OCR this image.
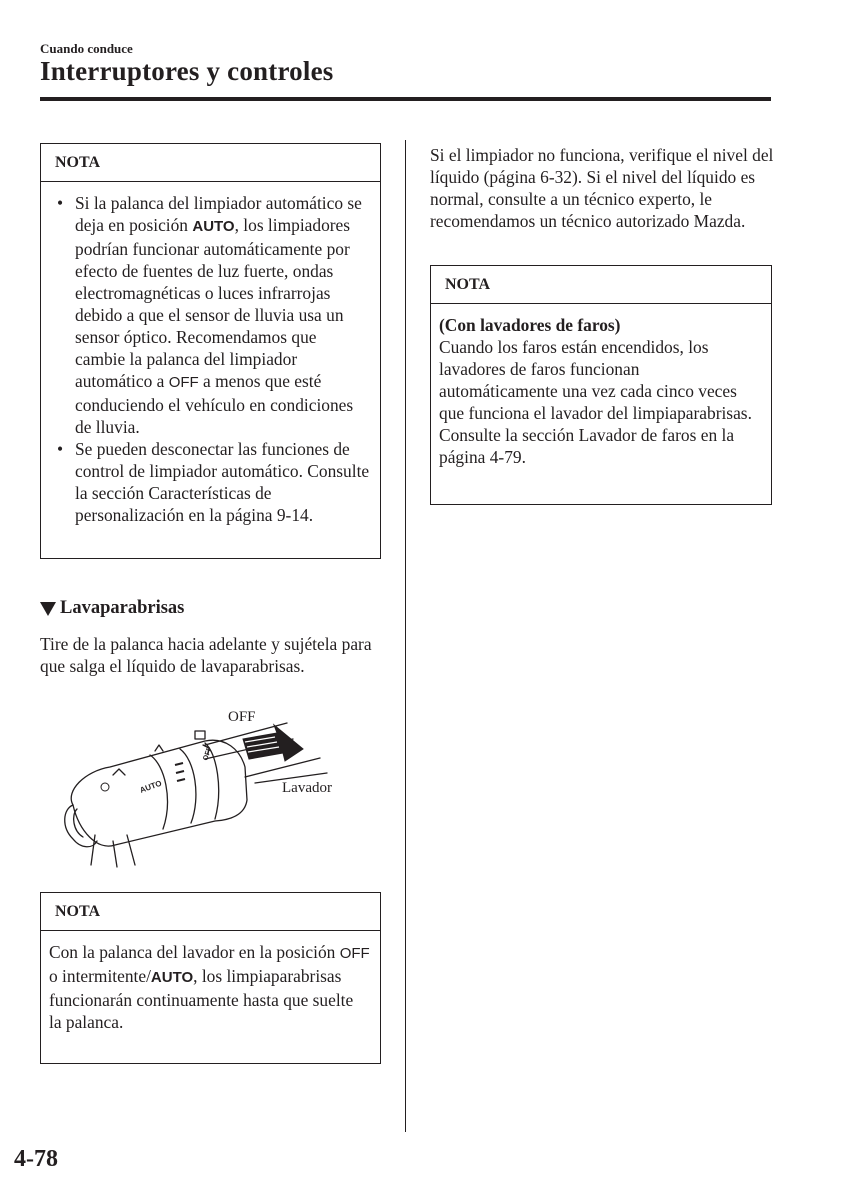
Cuando conduce
Interruptores y controles
NOTA
• Si la palanca del limpiador automático se deja en posición AUTO, los limpiadores podrían funcionar automáticamente por efecto de fuentes de luz fuerte, ondas electromagnéticas o luces infrarrojas debido a que el sensor de lluvia usa un sensor óptico. Recomendamos que cambie la palanca del limpiador automático a OFF a menos que esté conduciendo el vehículo en condiciones de lluvia.
• Se pueden desconectar las funciones de control de limpiador automático. Consulte la sección Características de personalización en la página 9-14.
Si el limpiador no funciona, verifique el nivel del líquido (página 6-32). Si el nivel del líquido es normal, consulte a un técnico experto, le recomendamos un técnico autorizado Mazda.
NOTA
(Con lavadores de faros)
Cuando los faros están encendidos, los lavadores de faros funcionan automáticamente una vez cada cinco veces que funciona el lavador del limpiaparabrisas.
Consulte la sección Lavador de faros en la página 4-79.
Lavaparabrisas
Tire de la palanca hacia adelante y sujétela para que salga el líquido de lavaparabrisas.
AUTO
OFF
OFF
Lavador
NOTA
Con la palanca del lavador en la posición OFF o intermitente/AUTO, los limpiaparabrisas funcionarán continuamente hasta que suelte la palanca.
4-78
